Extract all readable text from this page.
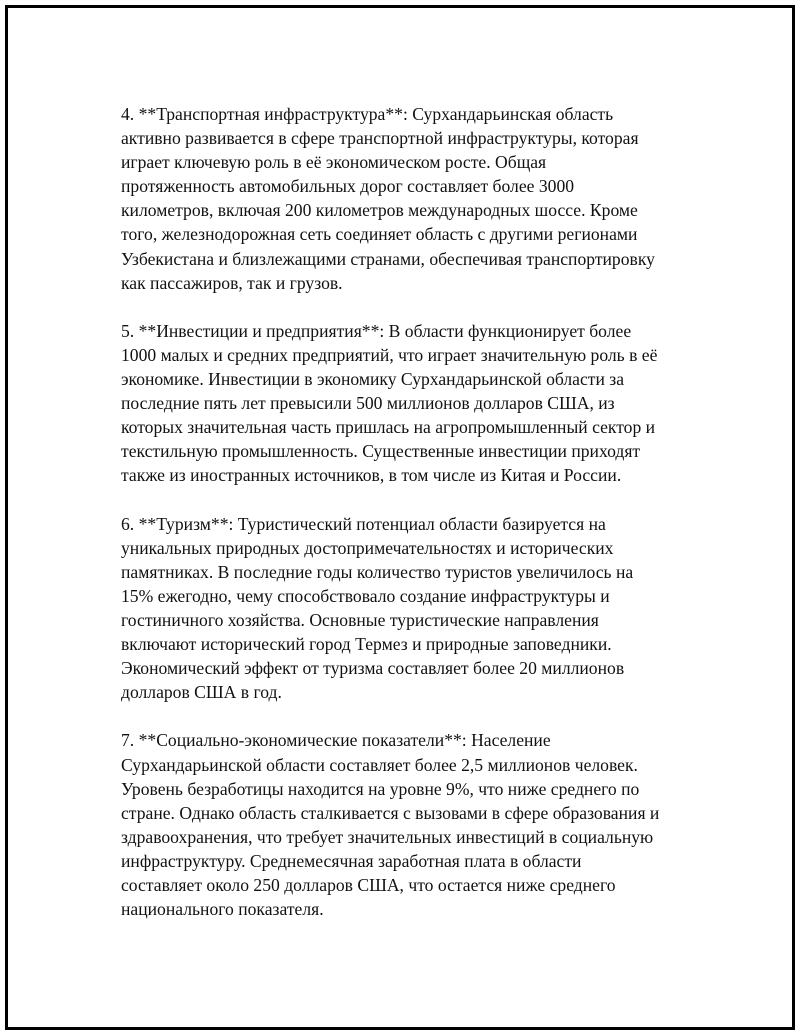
4. **Транспортная инфраструктура**: Сурхандарьинская область
активно развивается в сфере транспортной инфраструктуры, которая
играет ключевую роль в её экономическом росте. Общая
протяженность автомобильных дорог составляет более 3000
километров, включая 200 километров международных шоссе. Кроме
того, железнодорожная сеть соединяет область с другими регионами
Узбекистана и близлежащими странами, обеспечивая транспортировку
как пассажиров, так и грузов.

5. **Инвестиции и предприятия**: В области функционирует более
1000 малых и средних предприятий, что играет значительную роль в её
экономике. Инвестиции в экономику Сурхандарьинской области за
последние пять лет превысили 500 миллионов долларов США, из
которых значительная часть пришлась на агропромышленный сектор и
текстильную промышленность. Существенные инвестиции приходят
также из иностранных источников, в том числе из Китая и России.

6. **Туризм**: Туристический потенциал области базируется на
уникальных природных достопримечательностях и исторических
памятниках. В последние годы количество туристов увеличилось на
15% ежегодно, чему способствовало создание инфраструктуры и
гостиничного хозяйства. Основные туристические направления
включают исторический город Термез и природные заповедники.
Экономический эффект от туризма составляет более 20 миллионов
долларов США в год.

7. **Социально-экономические показатели**: Население
Сурхандарьинской области составляет более 2,5 миллионов человек.
Уровень безработицы находится на уровне 9%, что ниже среднего по
стране. Однако область сталкивается с вызовами в сфере образования и
здравоохранения, что требует значительных инвестиций в социальную
инфраструктуру. Среднемесячная заработная плата в области
составляет около 250 долларов США, что остается ниже среднего
национального показателя.
